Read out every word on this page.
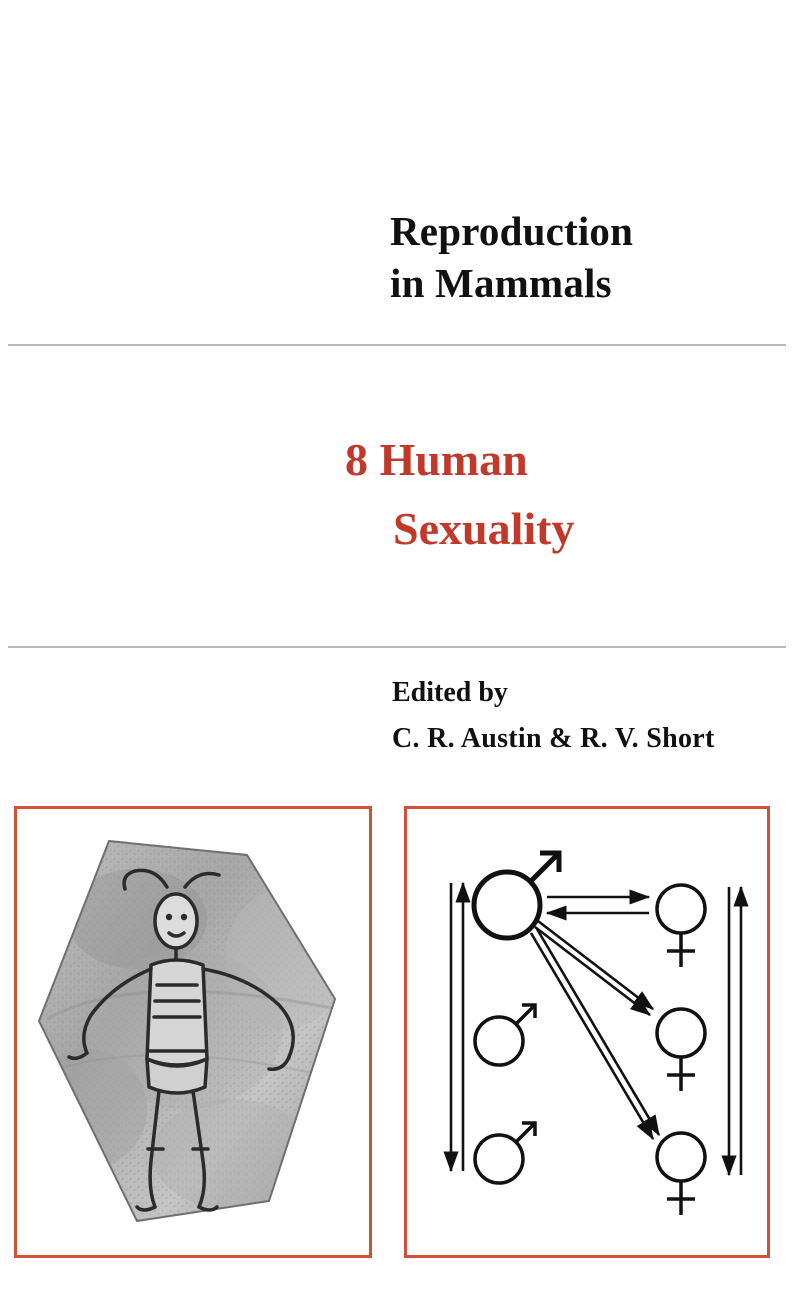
Reproduction
in Mammals
8 Human
Sexuality
Edited by
C. R. Austin & R. V. Short
